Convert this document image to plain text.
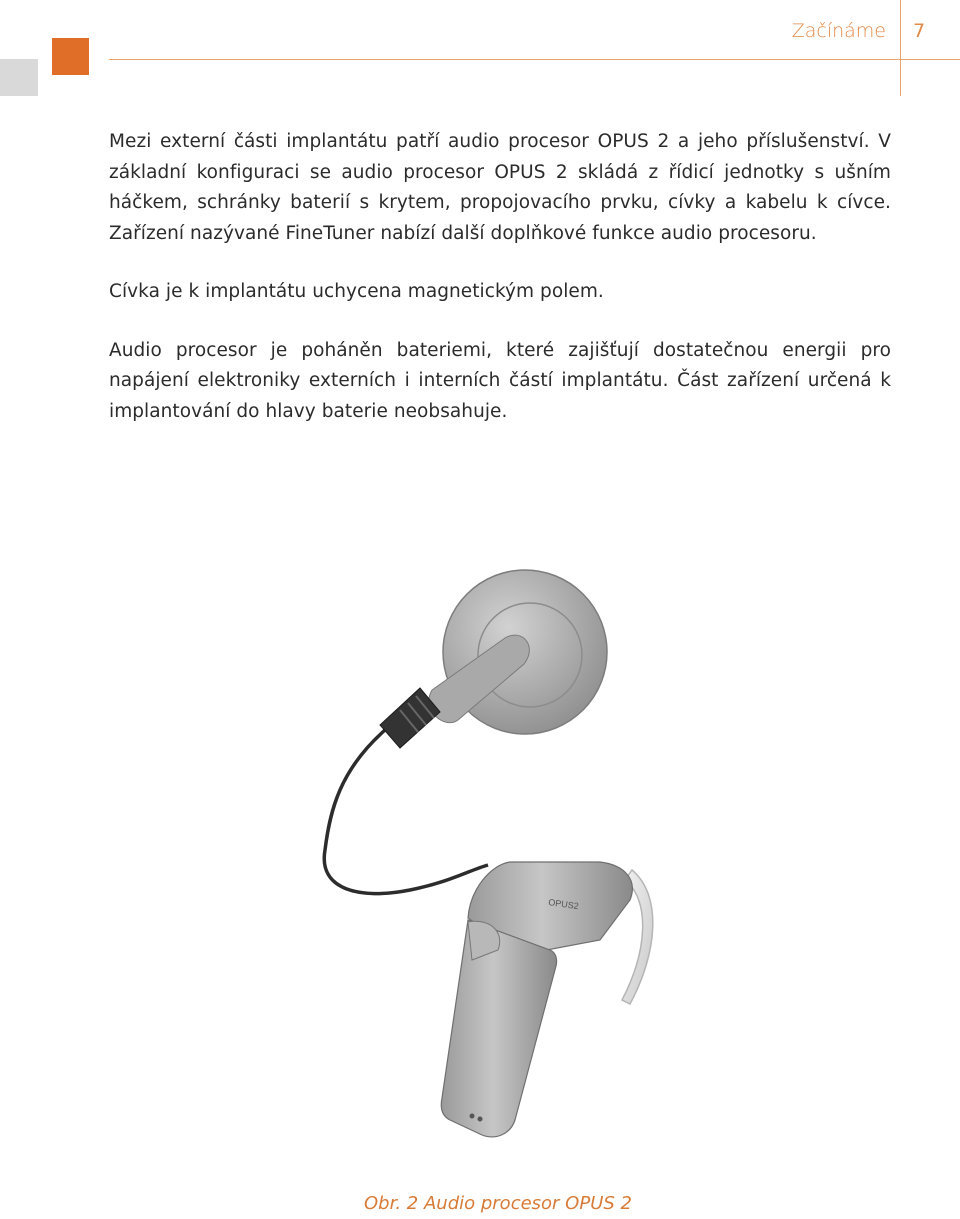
Začínáme 7

Mezi externí části implantátu patří audio procesor OPUS 2 a jeho příslušenství. V základní konfiguraci se audio procesor OPUS 2 skládá z řídicí jednotky s ušním háčkem, schránky baterií s krytem, propojovacího prvku, cívky a kabelu k cívce. Zařízení nazývané FineTuner nabízí další doplňkové funkce audio procesoru.

Cívka je k implantátu uchycena magnetickým polem.

Audio procesor je poháněn bateriemi, které zajišťují dostatečnou energii pro napájení elektroniky externích i interních částí implantátu. Část zařízení určená k implantování do hlavy baterie neobsahuje.

OPUS2
Obr. 2 Audio procesor OPUS 2
